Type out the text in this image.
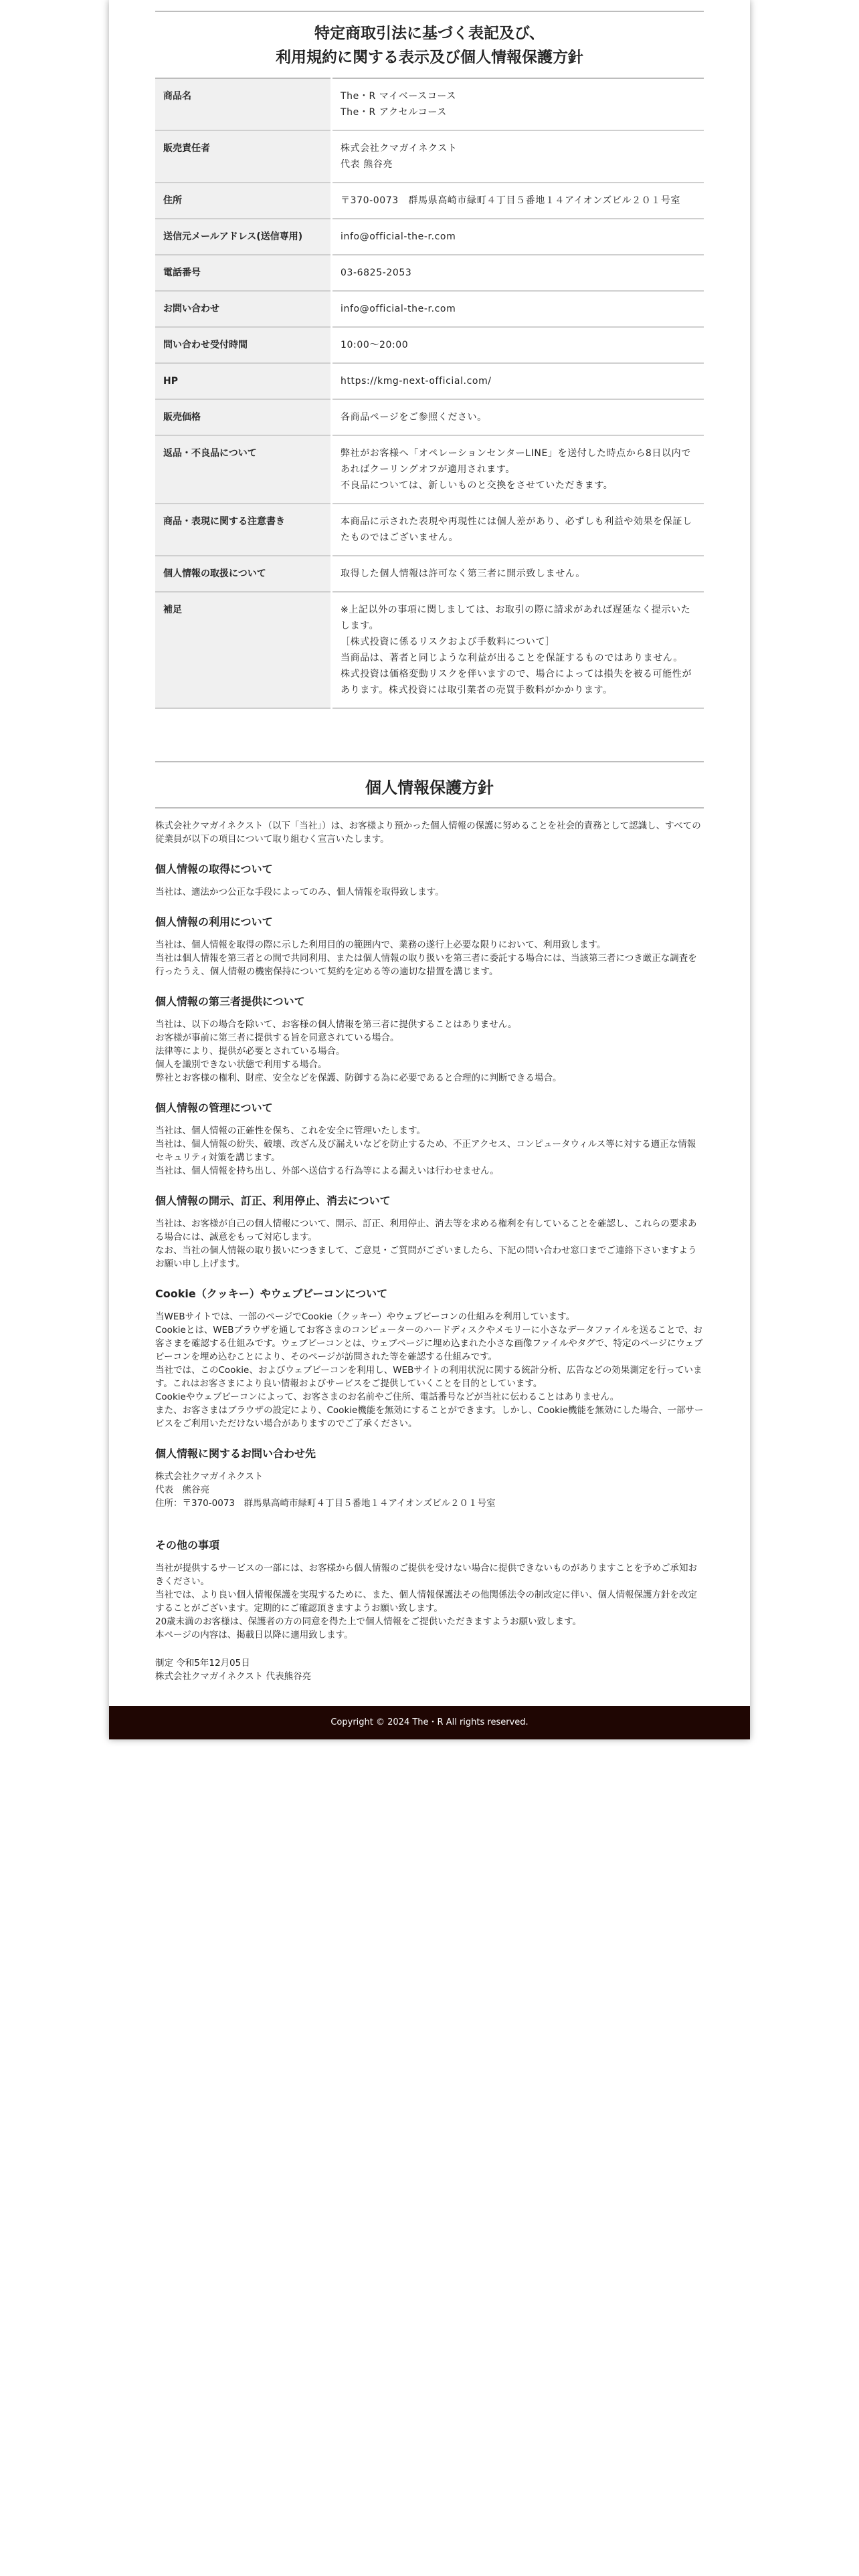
特定商取引法に基づく表記及び、
利用規約に関する表示及び個人情報保護方針
商品名	The・R マイベースコース
The・R アクセルコース
販売責任者	株式会社クマガイネクスト
代表 熊谷亮
住所	〒370-0073　群馬県高崎市緑町４丁目５番地１４アイオンズビル２０１号室
送信元メールアドレス(送信専用)	info@official-the-r.com
電話番号	03-6825-2053
お問い合わせ	info@official-the-r.com
問い合わせ受付時間	10:00〜20:00
HP	https://kmg-next-official.com/
販売価格	各商品ページをご参照ください。
返品・不良品について	弊社がお客様へ「オペレーションセンターLINE」を送付した時点から8日以内であればクーリングオフが適用されます。
不良品については、新しいものと交換をさせていただきます。
商品・表現に関する注意書き	本商品に示された表現や再現性には個人差があり、必ずしも利益や効果を保証したものではございません。
個人情報の取扱について	取得した個人情報は許可なく第三者に開示致しません。
補足	※上記以外の事項に関しましては、お取引の際に請求があれば遅延なく提示いたします。
［株式投資に係るリスクおよび手数料について］
当商品は、著者と同じような利益が出ることを保証するものではありません。
株式投資は価格変動リスクを伴いますので、場合によっては損失を被る可能性があります。株式投資には取引業者の売買手数料がかかります。
個人情報保護方針

株式会社クマガイネクスト（以下「当社」）は、お客様より預かった個人情報の保護に努めることを社会的責務として認識し、すべての従業員が以下の項目について取り組むく宣言いたします。

個人情報の取得について

当社は、適法かつ公正な手段によってのみ、個人情報を取得致します。

個人情報の利用について

当社は、個人情報を取得の際に示した利用目的の範囲内で、業務の遂行上必要な限りにおいて、利用致します。
当社は個人情報を第三者との間で共同利用、または個人情報の取り扱いを第三者に委託する場合には、当該第三者につき厳正な調査を行ったうえ、個人情報の機密保持について契約を定める等の適切な措置を講じます。

個人情報の第三者提供について

当社は、以下の場合を除いて、お客様の個人情報を第三者に提供することはありません。
お客様が事前に第三者に提供する旨を同意されている場合。
法律等により、提供が必要とされている場合。
個人を識別できない状態で利用する場合。
弊社とお客様の権利、財産、安全などを保護、防御する為に必要であると合理的に判断できる場合。

個人情報の管理について

当社は、個人情報の正確性を保ち、これを安全に管理いたします。
当社は、個人情報の紛失、破壊、改ざん及び漏えいなどを防止するため、不正アクセス、コンピュータウィルス等に対する適正な情報セキュリティ対策を講じます。
当社は、個人情報を持ち出し、外部へ送信する行為等による漏えいは行わせません。

個人情報の開示、訂正、利用停止、消去について

当社は、お客様が自己の個人情報について、開示、訂正、利用停止、消去等を求める権利を有していることを確認し、これらの要求ある場合には、誠意をもって対応します。
なお、当社の個人情報の取り扱いにつきまして、ご意見・ご質問がございましたら、下記の問い合わせ窓口までご連絡下さいますようお願い申し上げます。

Cookie（クッキー）やウェブビーコンについて

当WEBサイトでは、一部のページでCookie（クッキー）やウェブビーコンの仕組みを利用しています。
Cookieとは、WEBブラウザを通してお客さまのコンピューターのハードディスクやメモリーに小さなデータファイルを送ることで、お客さまを確認する仕組みです。ウェブビーコンとは、ウェブページに埋め込まれた小さな画像ファイルやタグで、特定のページにウェブビーコンを埋め込むことにより、そのページが訪問された等を確認する仕組みです。
当社では、このCookie、およびウェブビーコンを利用し、WEBサイトの利用状況に関する統計分析、広告などの効果測定を行っています。これはお客さまにより良い情報およびサービスをご提供していくことを目的としています。
Cookieやウェブビーコンによって、お客さまのお名前やご住所、電話番号などが当社に伝わることはありません。
また、お客さまはブラウザの設定により、Cookie機能を無効にすることができます。しかし、Cookie機能を無効にした場合、一部サービスをご利用いただけない場合がありますのでご了承ください。

個人情報に関するお問い合わせ先

株式会社クマガイネクスト
代表　熊谷亮
住所：〒370-0073　群馬県高崎市緑町４丁目５番地１４アイオンズビル２０１号室

その他の事項

当社が提供するサービスの一部には、お客様から個人情報のご提供を受けない場合に提供できないものがありますことを予めご承知おきください。
当社では、より良い個人情報保護を実現するために、また、個人情報保護法その他関係法令の制改定に伴い、個人情報保護方針を改定することがございます。定期的にご確認頂きますようお願い致します。
20歳未満のお客様は、保護者の方の同意を得た上で個人情報をご提供いただきますようお願い致します。
本ページの内容は、掲載日以降に適用致します。

制定 令和5年12月05日
株式会社クマガイネクスト 代表熊谷亮

Copyright © 2024 The・R All rights reserved.
